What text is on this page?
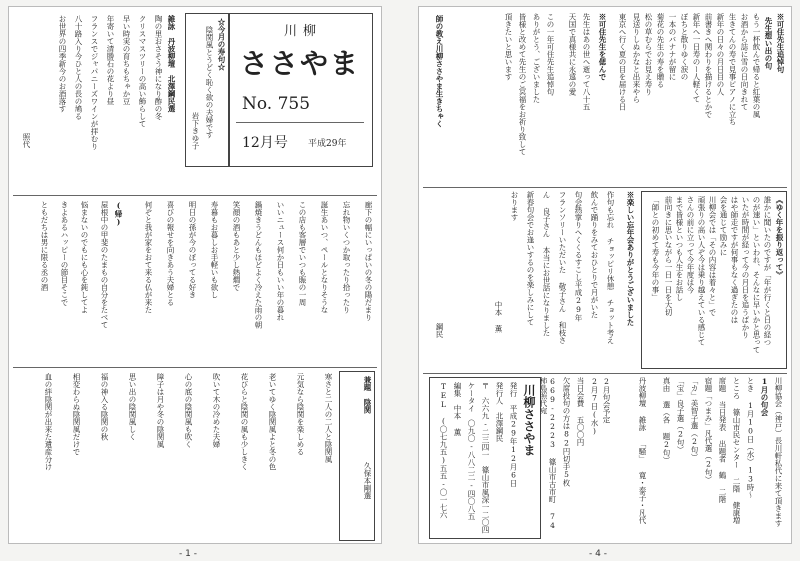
川柳
ささやま
No. 755
12月号 平成29年
☆今月の寿句☆
陰関風とうどく恥く欲の夫婦です
岩下きゆ子
雑詠　丹波柳壇　北澤鋼民選
陶の里おさそう神になり酢の冬
クリスマスツリーの高い飾らして
早い時実の育ちもちゃか豆
年寄いて清勝石の花より昼
フランスでジャパニーズワインが拝むり
八十路入り今ひと人の長の鳩る
お世界の四季新今のお酒落す
照代
廊下の幅にいっぱいの冬の陽だまり
忘れ物いくつか取ったり拾ったり
誕生あいつ、ペールとなりそうな
この店も客層でいつも賑の一周
いいニュース何か日もいい年の暮れ
鍋焼きうどんもほどよく冷えた雨の朝
笑顔の酒もあと少し熱燗で
寿暮もお暮しお手軽いも欲し
明日の孫が今のぼってる好き
喜びの報せを向きあう夫婦とる
何ぞと我が家をおて来る仏が来た
(帰)
屋根中の甲斐のたまもの自分をたべて
悩まないのでもにも心を鈍してよ
きよあるハッピーの節目そこで
ともだちは男に限る丞の酒
兼題　陰関
久保本剛選
寒さと二人の二人と陰関風
元気なら陰関を楽しめる
老いてゆく陰関風よと冬の色
花びらと陰関の風も少しきく
吹いて木の冷めた夫婦
心の底の陰関風も吹く
障子は月や冬の陰関風
思い出の陰関風しく
福の神入る陰関の秋
相変わらぬ陰関風だけで
血の絆陰関が出来た遺産分け
- 1 -
※可住先生追悼句
先生想い出の句
もう一杯飲んで帰ると紅葉の風
お酒から誌に雪の日向きれて
生きてんの寿で見事ピアノに立ち
新年の日々の月日目の人
前書きへ関わりを描けるとかで
新年へ一日寿のー人軽くて
ぼちと散りゆく涙の
一本のバナナが留に
菊花の先生の寿を贈る
松の草むらでお見え寿り
見送りしぬかなと出来やら
東京へ行く夏の目を届ける日
※可住先生を偲んで
先生はあの世へ逝って八十五
天国で真様共に永遠の愛
この一年可住先生追悼句
ありがとう、ございました
皆様と改めて先生のご冥福をお祈り致して
頂きたいと思います
師の教え川柳ささやま生きちゃく
鋼民
《ゆく年を振り返って》
誰かに聞いたのですが「年が行くと日の経つ
のが速い」といわれ、そんなに早いかと思って
いたが時間が経って今の月日を追うばかり
はや師走ですが何事もなく過ぎたのは
会を通じて励みに
川柳会では「その内容は着々と」で
頑張りの高い人ぞ今は乗り越えている感じて
さんの前に立って今年度は今
まで皆様といつも人生をお話し
前向きに思いながら一日一日を大切
「師との初めて寿も今年の事」
※楽しい忘年会ありがとうございました
作句も忘れ チョッピリ休憩 チョット考え
飲んで踊りをみておひとりで月がいた
句会熱掌りへくくるすこし平成29年
フランソリーいただいた 敬子さん 和枝さ
ん 良子さん 本当にお世話になりました
新春句会でお逢いするのを楽しみにして
おります
中本 薫
川柳ささやま
発行　平成29年12月6日
発行人　北澤鋼民
〒　六六九-二三四一　篠山市風深一二〇四
ケータイ　〇九〇-八八二二-四〇八五
編集　中本 薫
TEL　(〇七九五)五五-〇一七六	2月句会予定
2月7日(水)
当日会費 五〇〇円
欠席投句の方は82円切手5枚
669-2223 篠山市古市町 74 柿島照代宛	川柳協会（神戸）長川軒私代に来て頂きます
1月の句会
とき 1月10日（水）13時～
ところ 篠山市民センター 二階 健康増
席題 当日発表 出題者 鶴 二階
宿題「つまみ」凡代選（2句）
「カ」美智子選（2句）
「宝」良子選（2句）
真由 選（各 題2句）
丹波柳壇 雑詠 「騒」 寛・泰子・凡代
- 4 -
